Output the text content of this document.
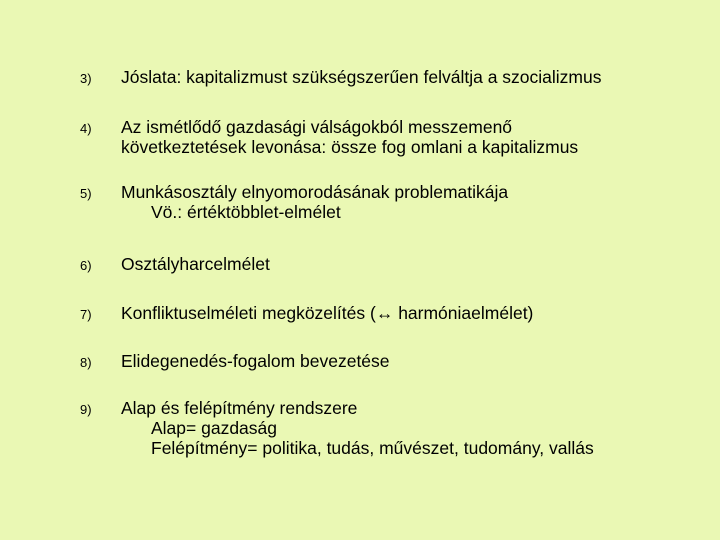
3) Jóslata: kapitalizmust szükségszerűen felváltja a szocializmus
4) Az ismétlődő gazdasági válságokból messzemenő
következtetések levonása: össze fog omlani a kapitalizmus
5) Munkásosztály elnyomorodásának problematikája
Vö.: értéktöbblet-elmélet
6) Osztályharcelmélet
7) Konfliktuselméleti megközelítés (↔ harmóniaelmélet)
8) Elidegenedés-fogalom bevezetése
9) Alap és felépítmény rendszere
Alap= gazdaság
Felépítmény= politika, tudás, művészet, tudomány, vallás
